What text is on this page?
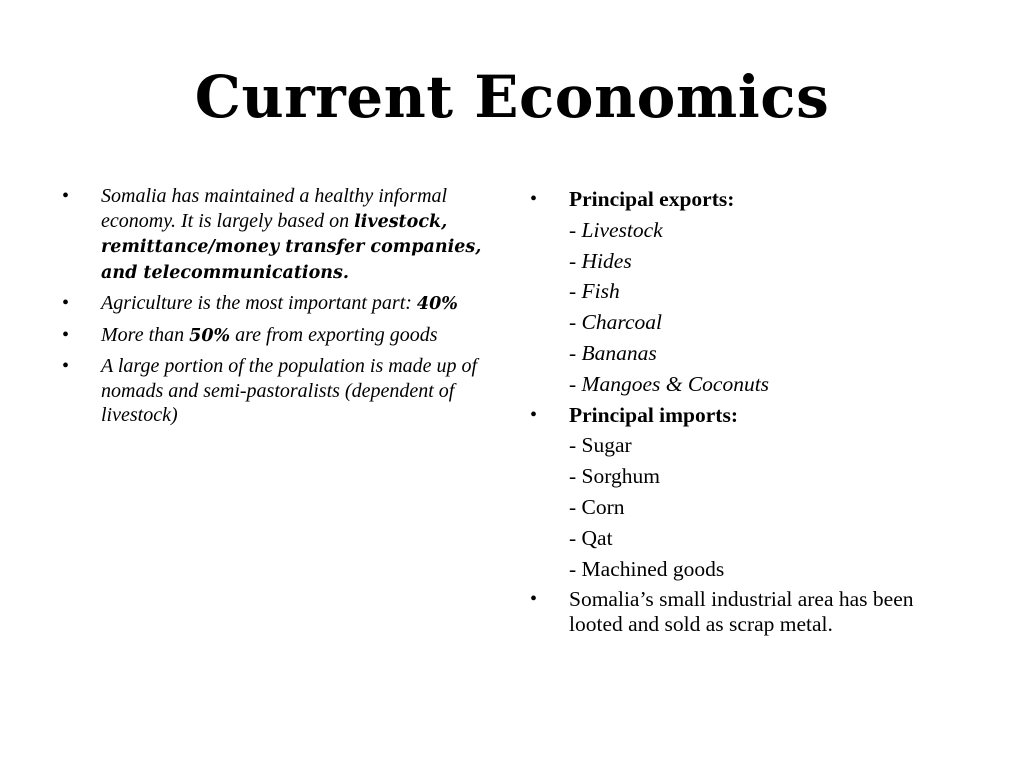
Current Economics
• Somalia has maintained a healthy informal economy. It is largely based on livestock, remittance/money transfer companies, and telecommunications.
• Agriculture is the most important part: 40%
• More than 50% are from exporting goods
• A large portion of the population is made up of nomads and semi-pastoralists (dependent of livestock)
• Principal exports:
- Livestock
- Hides
- Fish
- Charcoal
- Bananas
- Mangoes & Coconuts
• Principal imports:
- Sugar
- Sorghum
- Corn
- Qat
- Machined goods
• Somalia’s small industrial area has been looted and sold as scrap metal.
